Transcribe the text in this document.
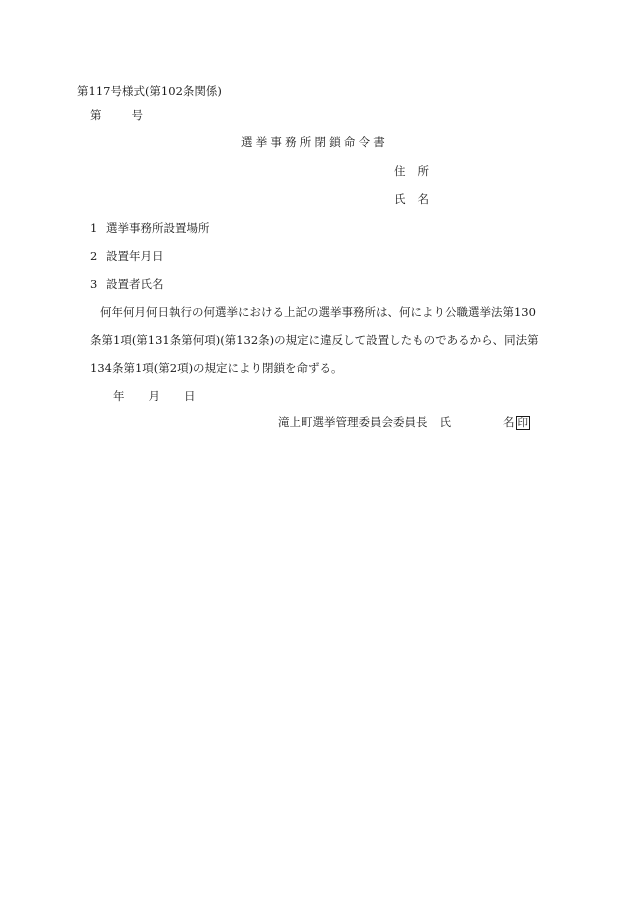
第117号様式(第102条関係)
第	号
選挙事務所閉鎖命令書
住 所
氏 名
1 選挙事務所設置場所
2 設置年月日
3 設置者氏名
何年何月何日執行の何選挙における上記の選挙事務所は、何により公職選挙法第130
条第1項(第131条第何項)(第132条)の規定に違反して設置したものであるから、同法第
134条第1項(第2項)の規定により閉鎖を命ずる。
年 月 日
滝上町選挙管理委員会委員長 氏	名 印
